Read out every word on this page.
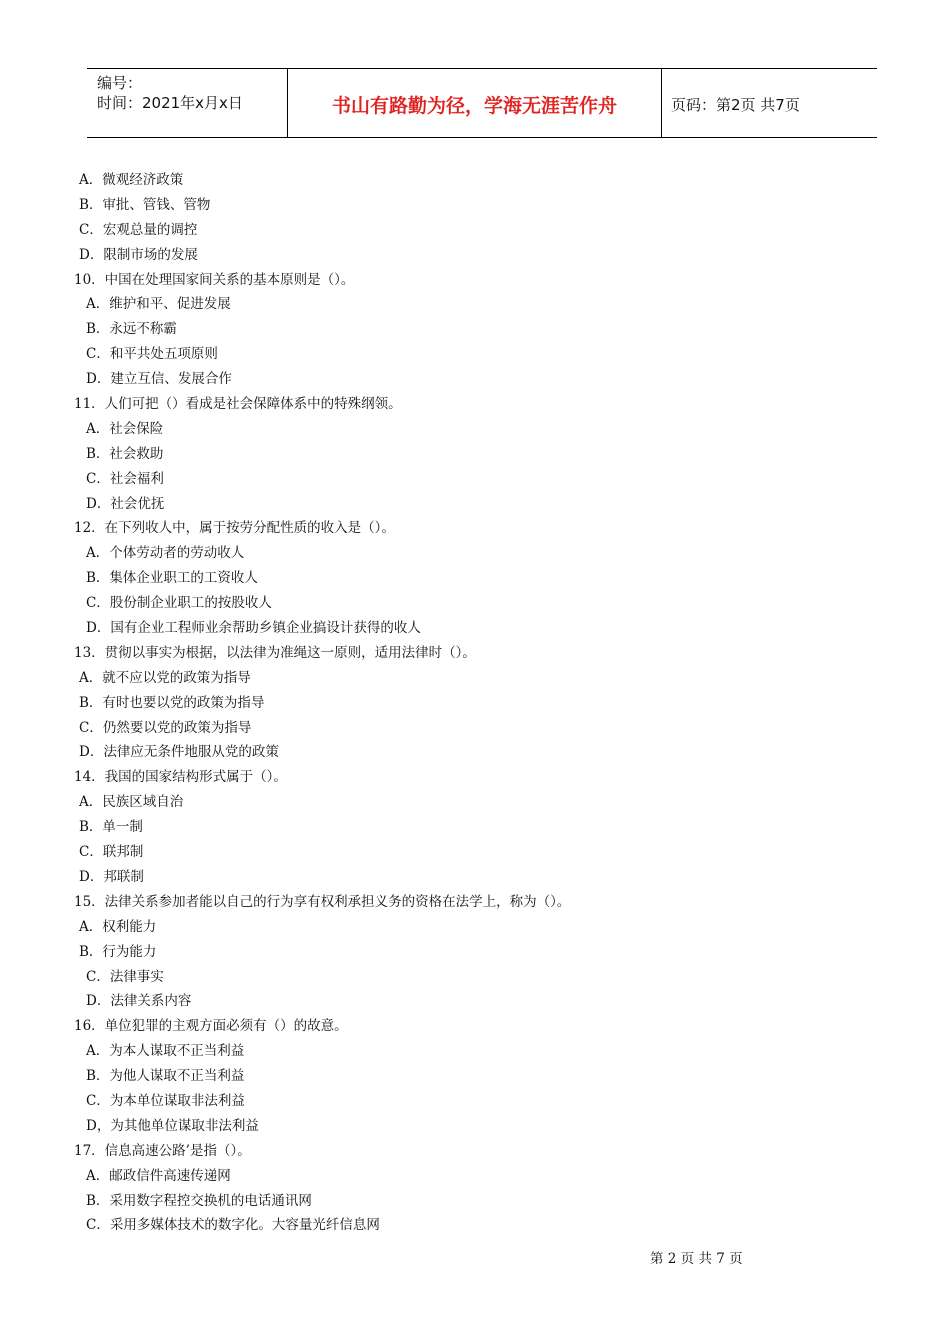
编号：
时间：2021年x月x日	书山有路勤为径，学海无涯苦作舟	页码：第2页 共7页
A．微观经济政策
B．审批、管钱、管物
C．宏观总量的调控
D．限制市场的发展
10．中国在处理国家间关系的基本原则是（）。
A．维护和平、促进发展
B．永远不称霸
C．和平共处五项原则
D．建立互信、发展合作
11．人们可把（）看成是社会保障体系中的特殊纲领。
A．社会保险
B．社会救助
C．社会福利
D．社会优抚
12．在下列收人中，属于按劳分配性质的收入是（）。
A．个体劳动者的劳动收人
B．集体企业职工的工资收人
C．股份制企业职工的按股收人
D．国有企业工程师业余帮助乡镇企业搞设计获得的收人
13．贯彻以事实为根据，以法律为准绳这一原则，适用法律时（）。
A．就不应以党的政策为指导
B．有时也要以党的政策为指导
C．仍然要以党的政策为指导
D．法律应无条件地服从党的政策
14．我国的国家结构形式属于（）。
A．民族区域自治
B．单一制
C．联邦制
D．邦联制
15．法律关系参加者能以自己的行为享有权利承担义务的资格在法学上，称为（）。
A．权利能力
B．行为能力
C．法律事实
D．法律关系内容
16．单位犯罪的主观方面必须有（）的故意。
A．为本人谋取不正当利益
B．为他人谋取不正当利益
C．为本单位谋取非法利益
D，为其他单位谋取非法利益
17．信息高速公路’是指（）。
A．邮政信件高速传递网
B．采用数字程控交换机的电话通讯网
C．采用多媒体技术的数字化。大容量光纤信息网
第 2 页 共 7 页
